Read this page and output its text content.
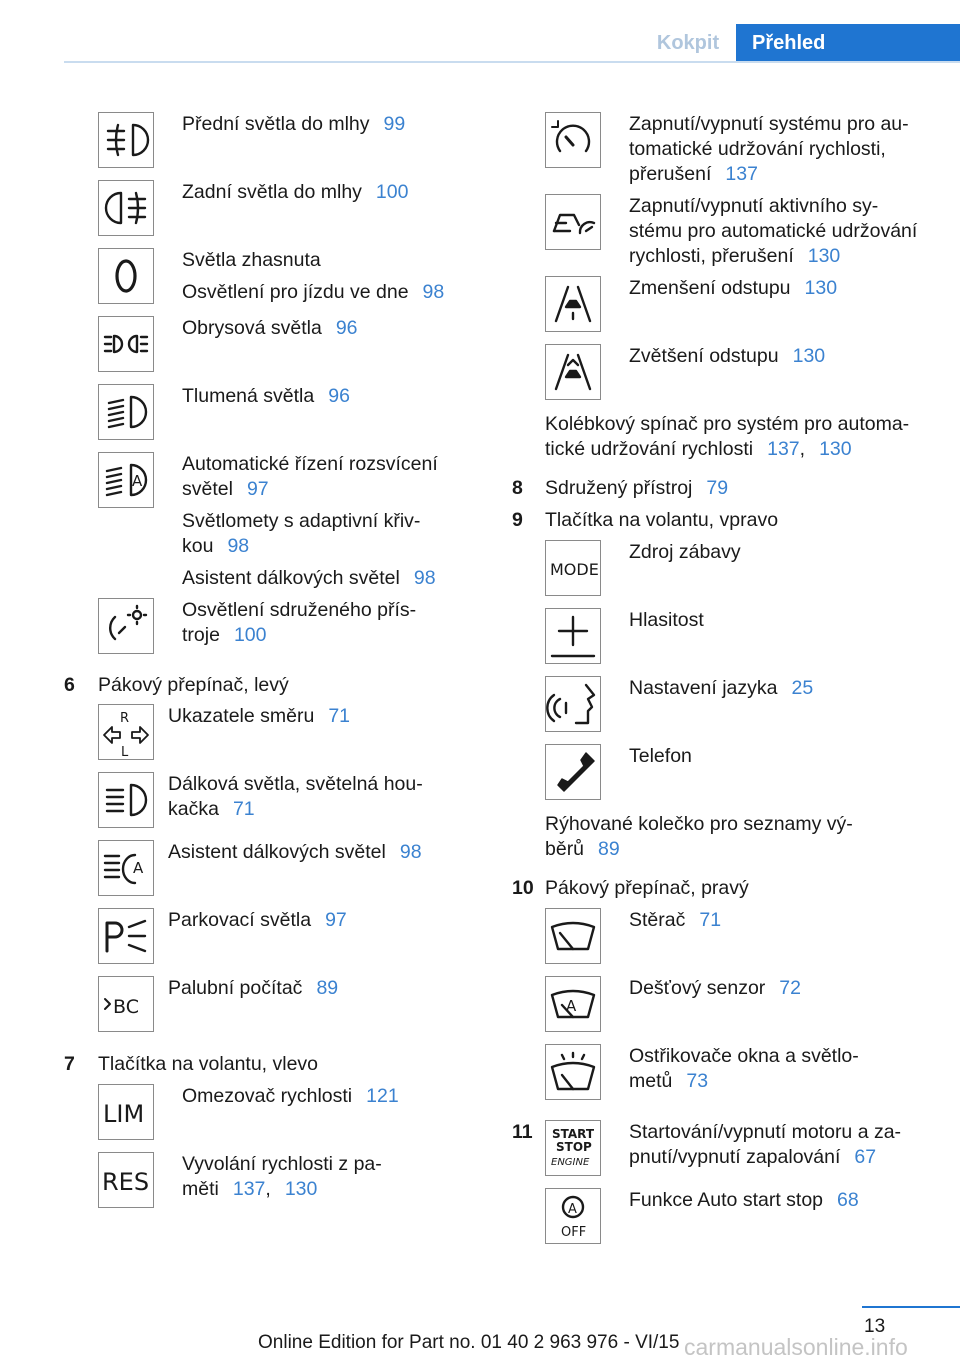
Kokpit	Přehled
A
R
L
A
BC
LIM
RES
Přední světla do mlhy 99
Zadní světla do mlhy 100
Světla zhasnuta
Osvětlení pro jízdu ve dne 98
Obrysová světla 96
Tlumená světla 96
Automatické řízení rozsvícení
světel 97
Světlomety s adaptivní křiv-
kou 98
Asistent dálkových světel 98
Osvětlení sdruženého přís-
troje 100
6 Pákový přepínač, levý
Ukazatele směru 71
Dálková světla, světelná hou-
kačka 71
Asistent dálkových světel 98
Parkovací světla 97
Palubní počítač 89
7 Tlačítka na volantu, vlevo
Omezovač rychlosti 121
Vyvolání rychlosti z pa-
měti 137, 130
MODE
A
START
STOP
ENGINE
A
OFF
Zapnutí/vypnutí systému pro au-
tomatické udržování rychlosti,
přerušení 137
Zapnutí/vypnutí aktivního sy-
stému pro automatické udržování
rychlosti, přerušení 130
Zmenšení odstupu 130
Zvětšení odstupu 130
Kolébkový spínač pro systém pro automa-
tické udržování rychlosti 137, 130
8 Sdružený přístroj 79
9 Tlačítka na volantu, vpravo
Zdroj zábavy
Hlasitost
Nastavení jazyka 25
Telefon
Rýhované kolečko pro seznamy vý-
běrů 89
10 Pákový přepínač, pravý
Stěrač 71
Dešťový senzor 72
Ostřikovače okna a světlo-
metů 73
11	Startování/vypnutí motoru a za-
pnutí/vypnutí zapalování 67
Funkce Auto start stop 68
13
Online Edition for Part no. 01 40 2 963 976 - VI/15 carmanualsonline.info
